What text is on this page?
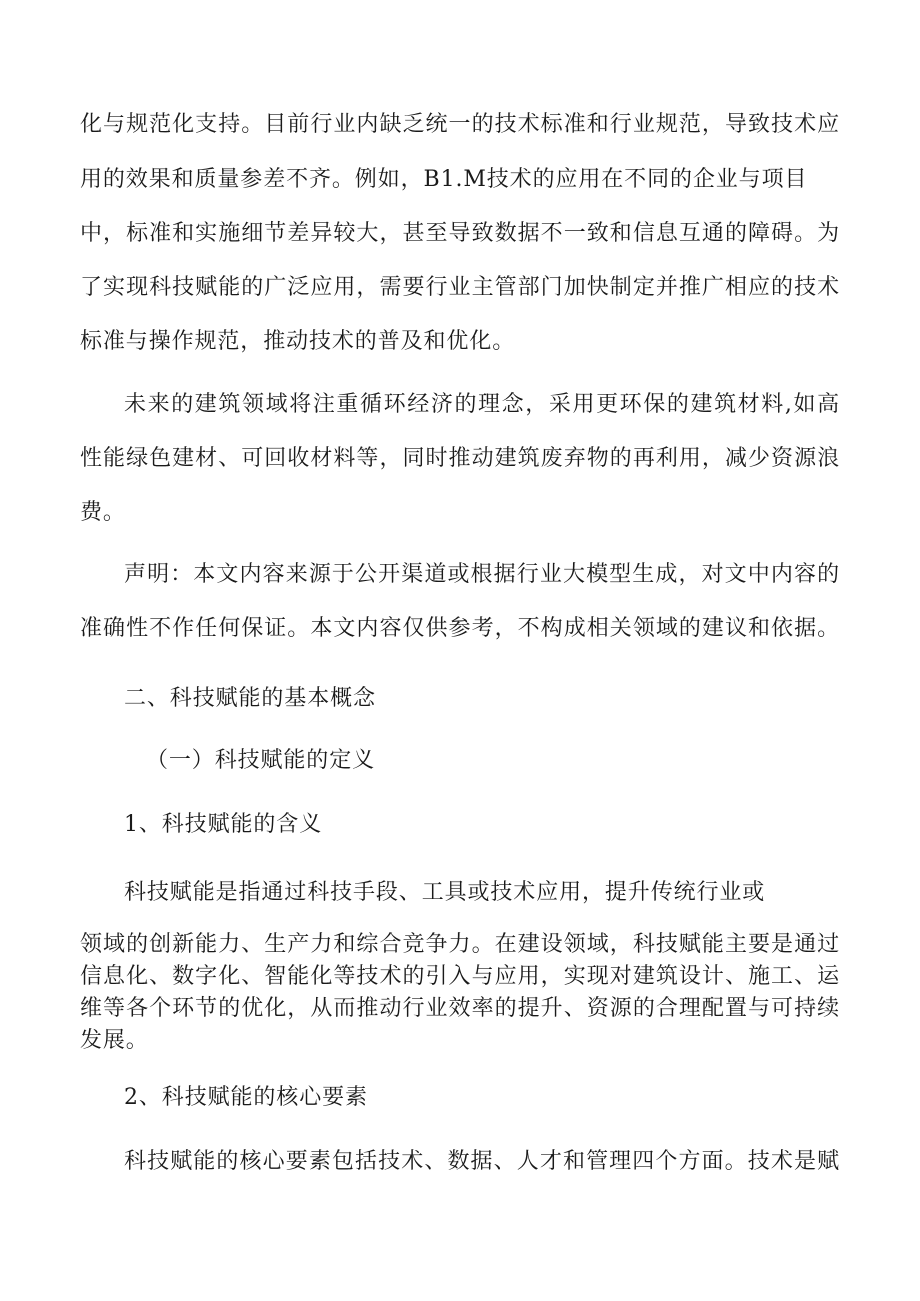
化与规范化支持。目前行业内缺乏统一的技术标准和行业规范，导致技术应
用的效果和质量参差不齐。例如，B1.M技术的应用在不同的企业与项目
中，标准和实施细节差异较大，甚至导致数据不一致和信息互通的障碍。为
了实现科技赋能的广泛应用，需要行业主管部门加快制定并推广相应的技术
标准与操作规范，推动技术的普及和优化。
未来的建筑领域将注重循环经济的理念，采用更环保的建筑材料,如高
性能绿色建材、可回收材料等，同时推动建筑废弃物的再利用，减少资源浪
费。
声明：本文内容来源于公开渠道或根据行业大模型生成，对文中内容的
准确性不作任何保证。本文内容仅供参考，不构成相关领域的建议和依据。
二、科技赋能的基本概念
（一）科技赋能的定义
1、科技赋能的含义
科技赋能是指通过科技手段、工具或技术应用，提升传统行业或
领域的创新能力、生产力和综合竞争力。在建设领域，科技赋能主要是通过
信息化、数字化、智能化等技术的引入与应用，实现对建筑设计、施工、运
维等各个环节的优化，从而推动行业效率的提升、资源的合理配置与可持续
发展。
2、科技赋能的核心要素
科技赋能的核心要素包括技术、数据、人才和管理四个方面。技术是赋
